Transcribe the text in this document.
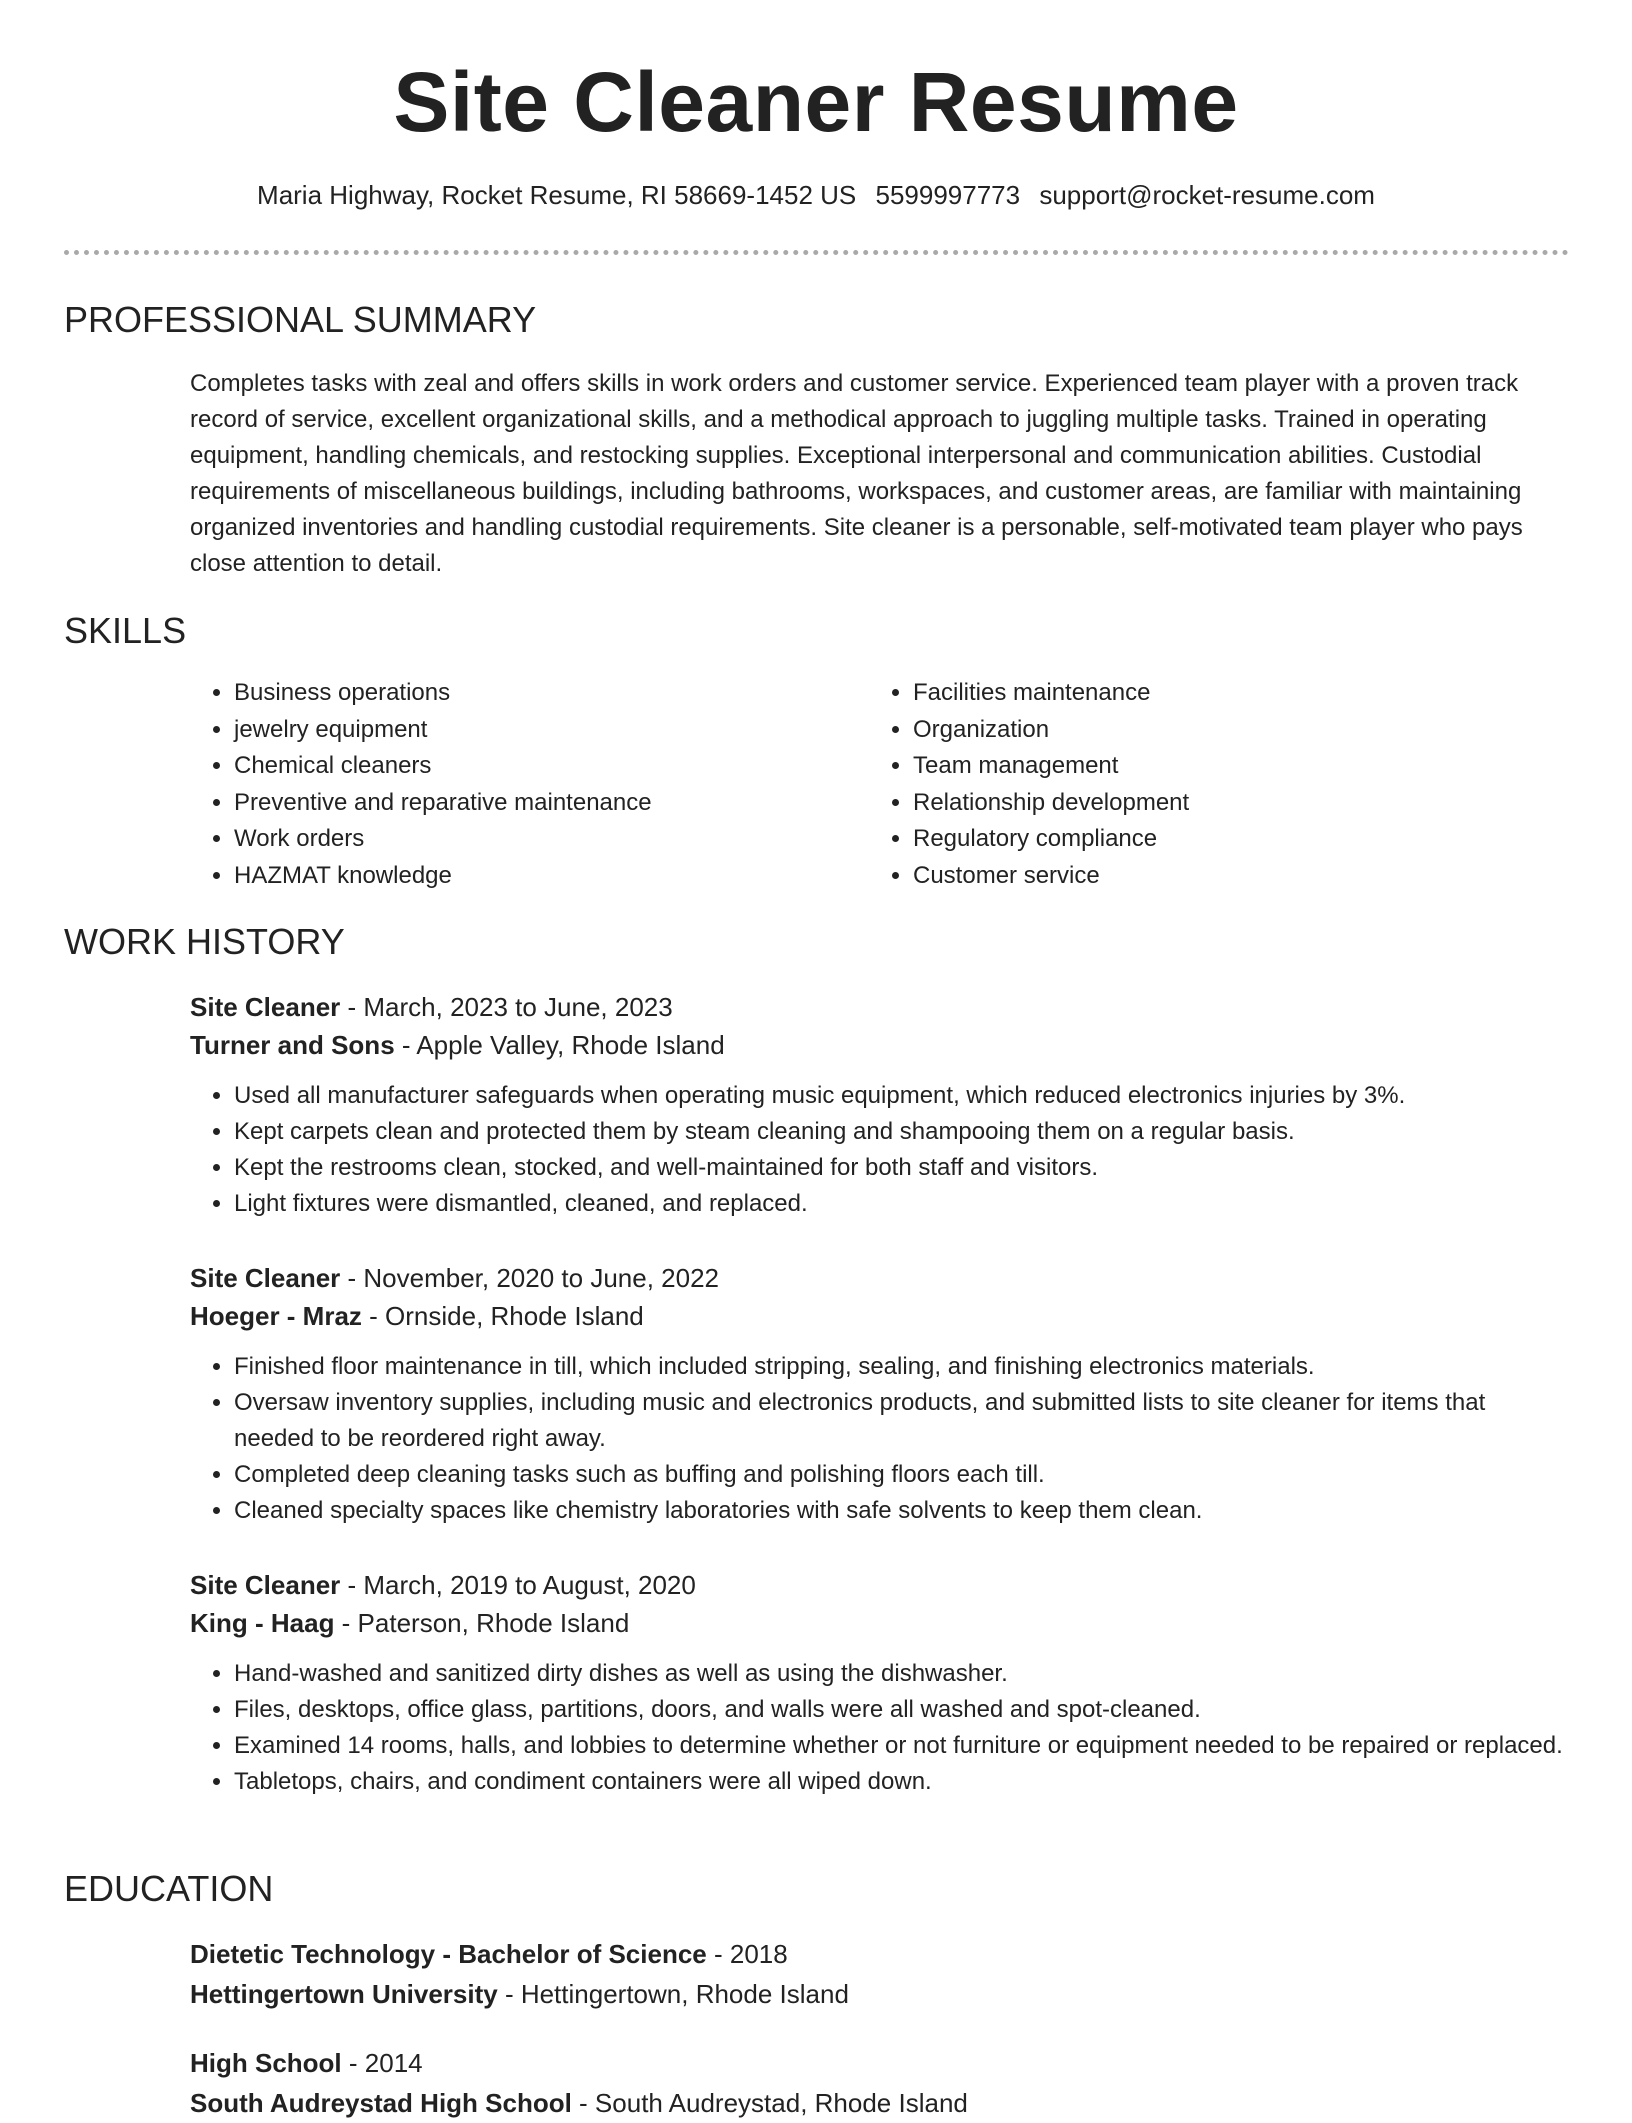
Site Cleaner Resume
Maria Highway, Rocket Resume, RI 58669-1452 US 5599997773 support@rocket-resume.com
PROFESSIONAL SUMMARY

Completes tasks with zeal and offers skills in work orders and customer service. Experienced team player with a proven track record of service, excellent organizational skills, and a methodical approach to juggling multiple tasks. Trained in operating equipment, handling chemicals, and restocking supplies. Exceptional interpersonal and communication abilities. Custodial requirements of miscellaneous buildings, including bathrooms, workspaces, and customer areas, are familiar with maintaining organized inventories and handling custodial requirements. Site cleaner is a personable, self-motivated team player who pays close attention to detail.

SKILLS
• Business operations
• jewelry equipment
• Chemical cleaners
• Preventive and reparative maintenance
• Work orders
• HAZMAT knowledge
• Facilities maintenance
• Organization
• Team management
• Relationship development
• Regulatory compliance
• Customer service
WORK HISTORY

Site Cleaner - March, 2023 to June, 2023

Turner and Sons - Apple Valley, Rhode Island

• Used all manufacturer safeguards when operating music equipment, which reduced electronics injuries by 3%.
• Kept carpets clean and protected them by steam cleaning and shampooing them on a regular basis.
• Kept the restrooms clean, stocked, and well-maintained for both staff and visitors.
• Light fixtures were dismantled, cleaned, and replaced.

Site Cleaner - November, 2020 to June, 2022

Hoeger - Mraz - Ornside, Rhode Island

• Finished floor maintenance in till, which included stripping, sealing, and finishing electronics materials.
• Oversaw inventory supplies, including music and electronics products, and submitted lists to site cleaner for items that needed to be reordered right away.
• Completed deep cleaning tasks such as buffing and polishing floors each till.
• Cleaned specialty spaces like chemistry laboratories with safe solvents to keep them clean.

Site Cleaner - March, 2019 to August, 2020

King - Haag - Paterson, Rhode Island

• Hand-washed and sanitized dirty dishes as well as using the dishwasher.
• Files, desktops, office glass, partitions, doors, and walls were all washed and spot-cleaned.
• Examined 14 rooms, halls, and lobbies to determine whether or not furniture or equipment needed to be repaired or replaced.
• Tabletops, chairs, and condiment containers were all wiped down.
EDUCATION

Dietetic Technology - Bachelor of Science - 2018

Hettingertown University - Hettingertown, Rhode Island

High School - 2014

South Audreystad High School - South Audreystad, Rhode Island
